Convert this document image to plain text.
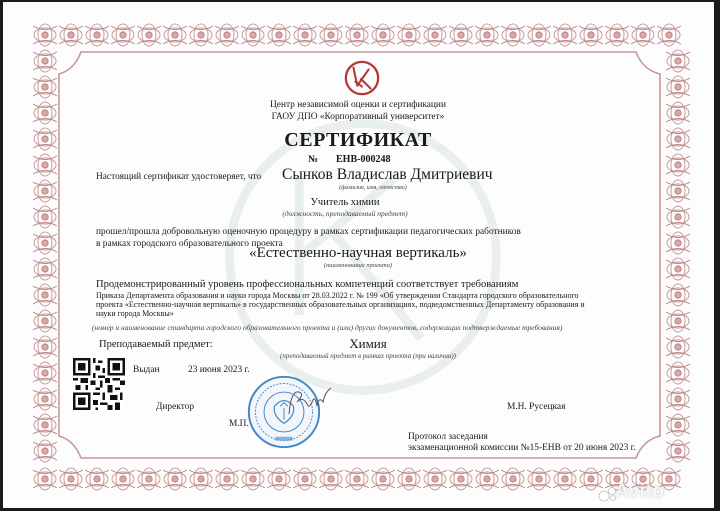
Центр независимой оценки и сертификации
ГАОУ ДПО «Корпоративный университет»
СЕРТИФИКАТ
№ ЕНВ-000248
Настоящий сертификат удостоверяет, что Сынков Владислав Дмитриевич
(фамилия, имя, отчество)
Учитель химии
(должность, преподаваемый предмет)
прошел/прошла добровольную оценочную процедуру в рамках сертификации педагогических работников
в рамках городского образовательного проекта
«Естественно-научная вертикаль»
(наименование проекта)
Продемонстрированный уровень профессиональных компетенций соответствует требованиям
Приказа Департамента образования и науки города Москвы от 28.03.2022 г. № 199 «Об утверждении Стандарта городского образовательного
проекта «Естественно-научная вертикаль» в государственных образовательных организациях, подведомственных Департаменту образования и
науки города Москвы»
(номер и наименование стандарта городского образовательного проекта и (или) других документов, содержащих подтверждаемые требования)
Преподаваемый предмет:	Химия
(преподаваемый предмет в рамках проекта (при наличии))
Выдан	23 июня 2023 г.
Директор
М.П.
М.Н. Русецкая
Протокол заседания
экзаменационной комиссии №15-ЕНВ от 20 июня 2023 г.
Avito
